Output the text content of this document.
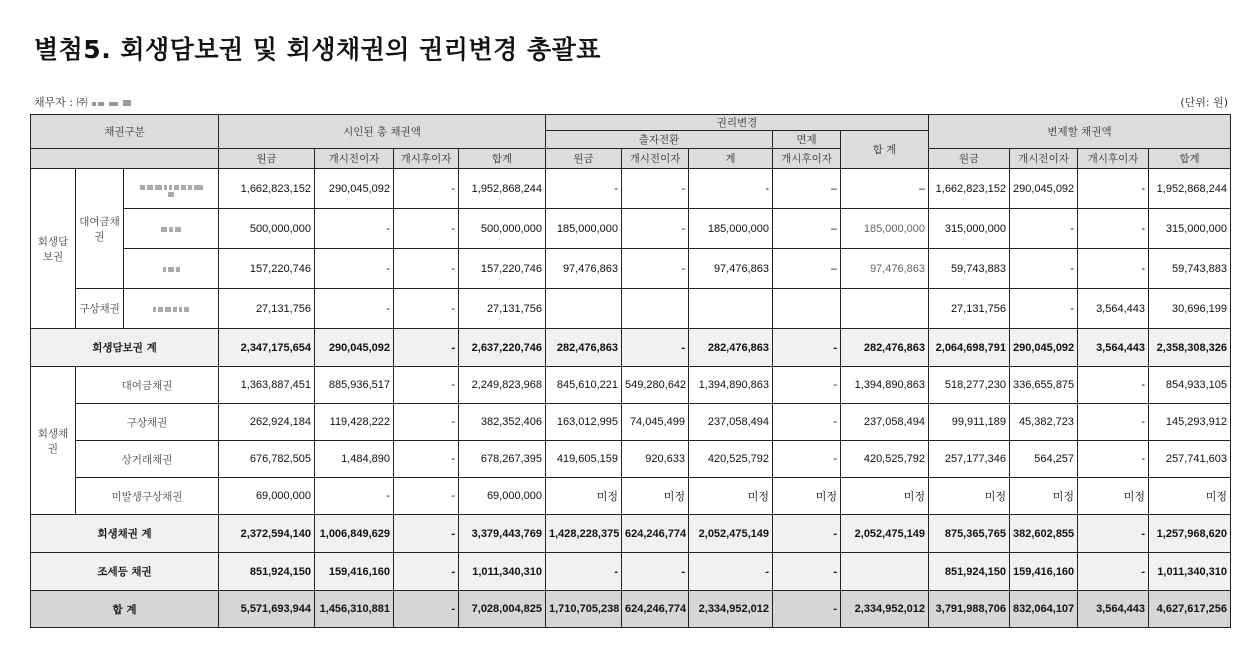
별첨5. 회생담보권 및 회생채권의 권리변경 총괄표
채무자 : ㈜	(단위: 원)
채권구분			시인된 총 채권액				권리변경					변제할 채권액			
							출자전환			면제	합 계				
			원금	개시전이자	개시후이자	합계	원금	개시전이자	계	개시후이자		원금	개시전이자	개시후이자	합계
회생담보권	대여금채권		1,662,823,152	290,045,092	-	1,952,868,244	-	-	-	–	–	1,662,823,152	290,045,092	-	1,952,868,244

			500,000,000	-	-	500,000,000	185,000,000	-	185,000,000	–	185,000,000	315,000,000	-	-	315,000,000

			157,220,746	-	-	157,220,746	97,476,863	-	97,476,863	–	97,476,863	59,743,883	-	-	59,743,883
	구상채권		27,131,756	-	-	27,131,756						27,131,756	-	3,564,443	30,696,199
회생담보권 계			2,347,175,654	290,045,092	-	2,637,220,746	282,476,863	-	282,476,863	-	282,476,863	2,064,698,791	290,045,092	3,564,443	2,358,308,326
회생채권	대여금채권		1,363,887,451	885,936,517	-	2,249,823,968	845,610,221	549,280,642	1,394,890,863	-	1,394,890,863	518,277,230	336,655,875	-	854,933,105
	구상채권		262,924,184	119,428,222	-	382,352,406	163,012,995	74,045,499	237,058,494	-	237,058,494	99,911,189	45,382,723	-	145,293,912
	상거래채권		676,782,505	1,484,890	-	678,267,395	419,605,159	920,633	420,525,792	-	420,525,792	257,177,346	564,257	-	257,741,603
	미발생구상채권		69,000,000	-	-	69,000,000	미정	미정	미정	미정	미정	미정	미정	미정	미정
회생채권 계			2,372,594,140	1,006,849,629	-	3,379,443,769	1,428,228,375	624,246,774	2,052,475,149	-	2,052,475,149	875,365,765	382,602,855	-	1,257,968,620
조세등 채권			851,924,150	159,416,160	-	1,011,340,310	-	-	-	-		851,924,150	159,416,160	-	1,011,340,310
합 계			5,571,693,944	1,456,310,881	-	7,028,004,825	1,710,705,238	624,246,774	2,334,952,012	-	2,334,952,012	3,791,988,706	832,064,107	3,564,443	4,627,617,256
